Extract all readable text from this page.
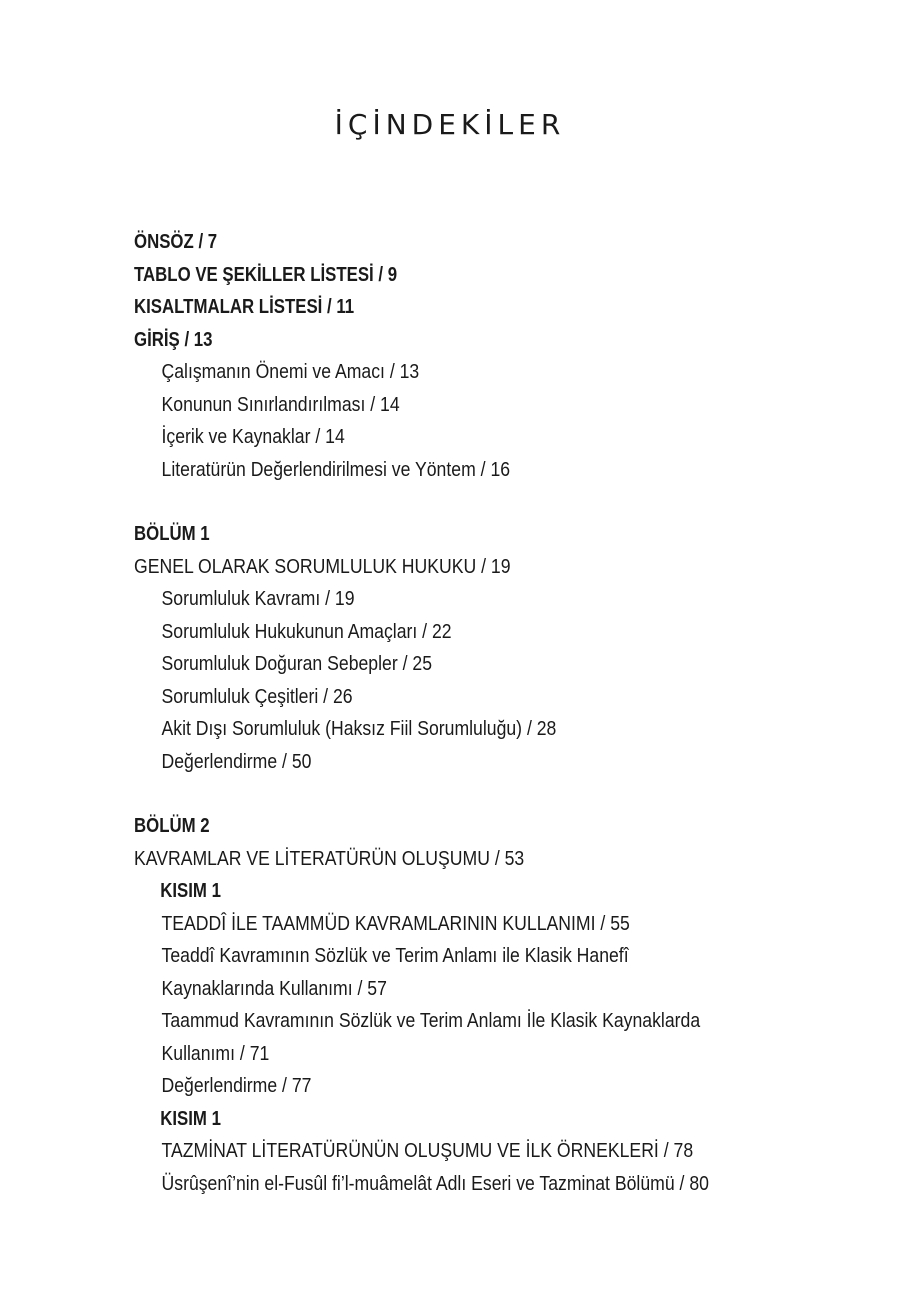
İÇİNDEKİLER
ÖNSÖZ / 7
TABLO VE ŞEKİLLER LİSTESİ / 9
KISALTMALAR LİSTESİ / 11
GİRİŞ / 13
Çalışmanın Önemi ve Amacı / 13
Konunun Sınırlandırılması / 14
İçerik ve Kaynaklar / 14
Literatürün Değerlendirilmesi ve Yöntem / 16
BÖLÜM 1
GENEL OLARAK SORUMLULUK HUKUKU / 19
Sorumluluk Kavramı / 19
Sorumluluk Hukukunun Amaçları / 22
Sorumluluk Doğuran Sebepler / 25
Sorumluluk Çeşitleri / 26
Akit Dışı Sorumluluk (Haksız Fiil Sorumluluğu) / 28
Değerlendirme / 50
BÖLÜM 2
KAVRAMLAR VE LİTERATÜRÜN OLUŞUMU / 53
KISIM 1
TEADDÎ İLE TAAMMÜD KAVRAMLARININ KULLANIMI / 55
Teaddî Kavramının Sözlük ve Terim Anlamı ile Klasik Hanefî
Kaynaklarında Kullanımı / 57
Taammud Kavramının Sözlük ve Terim Anlamı İle Klasik Kaynaklarda
Kullanımı / 71
Değerlendirme / 77
KISIM 1
TAZMİNAT LİTERATÜRÜNÜN OLUŞUMU VE İLK ÖRNEKLERİ / 78
Üsrûşenî’nin el-Fusûl fi’l-muâmelât Adlı Eseri ve Tazminat Bölümü / 80
